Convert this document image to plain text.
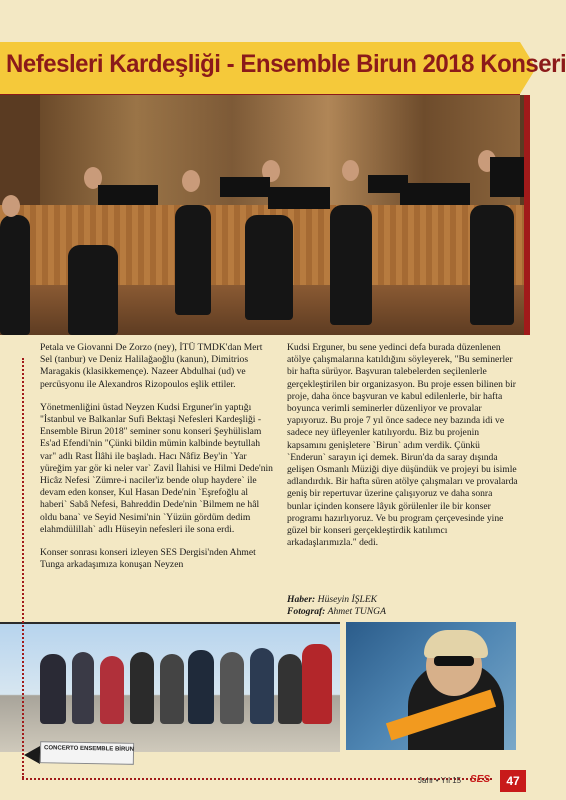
Nefesleri Kardeşliği - Ensemble Birun 2018 Konseri

Petala ve Giovanni De Zorzo (ney), İTÜ TMDK'dan Mert Sel (tanbur) ve Deniz Halilağaoğlu (kanun), Dimitrios Maragakis (klasikkemençe). Nazeer Abdulhai (ud) ve percüsyonu ile Alexandros Rizopoulos eşlik ettiler.

Yönetmenliğini üstad Neyzen Kudsi Erguner'in yaptığı "İstanbul ve Balkanlar Sufi Bektaşi Nefesleri Kardeşliği - Ensemble Birun 2018" seminer sonu konseri Şeyhülislam Es'ad Efendi'nin "Çünki bildin mümin kalbinde beytullah var" adlı Rast İlâhi ile başladı. Hacı Nâfiz Bey'in `Yar yüreğim yar gör ki neler var` Zavil İlahisi ve Hilmi Dede'nin Hicâz Nefesi `Zümre-i naciler'iz bende olup haydere` ile devam eden konser, Kul Hasan Dede'nin `Eşrefoğlu al haberi` Sabâ Nefesi, Bahreddin Dede'nin `Bilmem ne hâl oldu bana` ve Seyid Nesimi'nin `Yüzün gördüm dedim elahmdülillah` adlı Hüseyin nefesleri ile sona erdi.

Konser sonrası konseri izleyen SES Dergisi'nden Ahmet Tunga arkadaşımıza konuşan Neyzen

Kudsi Erguner, bu sene yedinci defa burada düzenlenen atölye çalışmalarına katıldığını söyleyerek, "Bu seminerler bir hafta sürüyor. Başvuran talebelerden seçilenlerle gerçekleştirilen bir organizasyon. Bu proje essen bilinen bir proje, daha önce başvuran ve kabul edilenlerle, bir hafta boyunca verimli seminerler düzenliyor ve provalar yapıyoruz. Bu proje 7 yıl önce sadece ney bazında idi ve sadece ney üfleyenler katılıyordu. Biz bu projenin kapsamını genişletere `Birun` adım verdik. Çünkü `Enderun` sarayın içi demek. Birun'da da saray dışında gelişen Osmanlı Müziği diye düşündük ve projeyi bu isimle adlandırdık. Bir hafta süren atölye çalışmaları ve provalarda geniş bir repertuvar üzerine çalışıyoruz ve daha sonra bunlar içinden konsere lâyık görülenler ile bir konser programı hazırlıyoruz. Ve bu program çerçevesinde yine güzel bir konseri gerçekleştirdik katılımcı arkadaşlarımızla." dedi.

Haber: Hüseyin İŞLEK
Fotograf: Ahmet TUNGA
CONCERTO ENSEMBLE BİRUN
Jahr • Yıl 15 SES	47
